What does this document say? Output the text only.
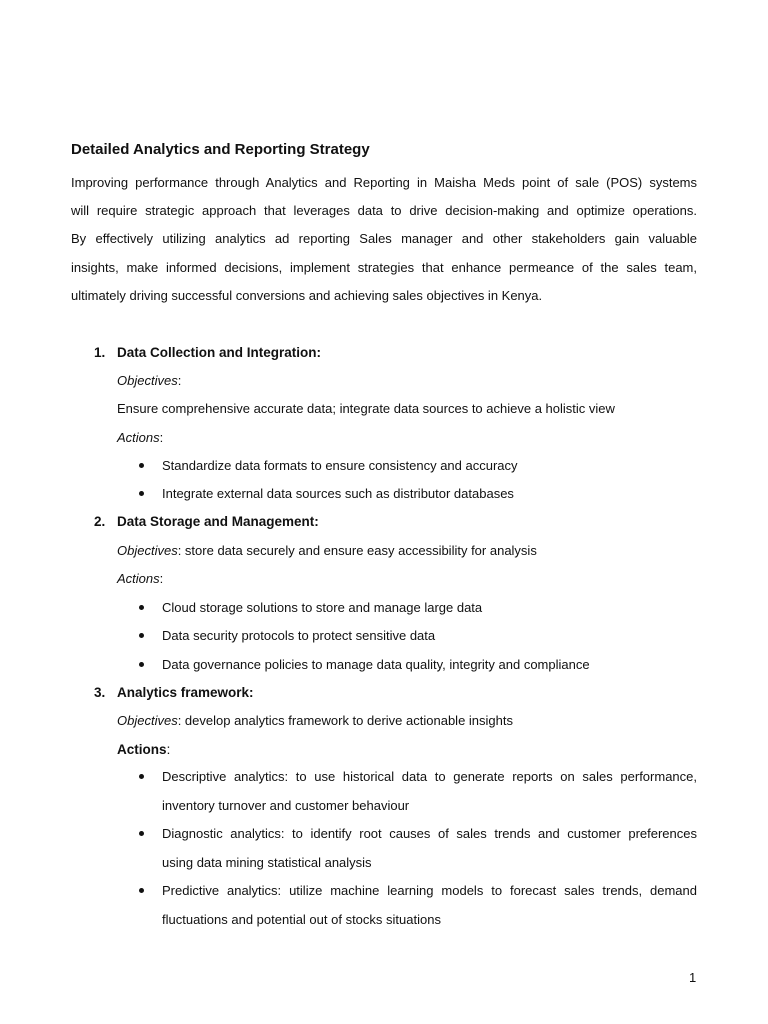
Detailed Analytics and Reporting Strategy
Improving performance through Analytics and Reporting in Maisha Meds point of sale (POS) systems
will require strategic approach that leverages data to drive decision-making and optimize operations.
By effectively utilizing analytics ad reporting Sales manager and other stakeholders gain valuable
insights, make informed decisions, implement strategies that enhance permeance of the sales team,
ultimately driving successful conversions and achieving sales objectives in Kenya.
1. Data Collection and Integration:
Objectives:
Ensure comprehensive accurate data; integrate data sources to achieve a holistic view
Actions:
Standardize data formats to ensure consistency and accuracy
Integrate external data sources such as distributor databases
2. Data Storage and Management:
Objectives: store data securely and ensure easy accessibility for analysis
Actions:
Cloud storage solutions to store and manage large data
Data security protocols to protect sensitive data
Data governance policies to manage data quality, integrity and compliance
3. Analytics framework:
Objectives: develop analytics framework to derive actionable insights
Actions:
Descriptive analytics: to use historical data to generate reports on sales performance,
inventory turnover and customer behaviour
Diagnostic analytics: to identify root causes of sales trends and customer preferences
using data mining statistical analysis
Predictive analytics: utilize machine learning models to forecast sales trends, demand
fluctuations and potential out of stocks situations
1
